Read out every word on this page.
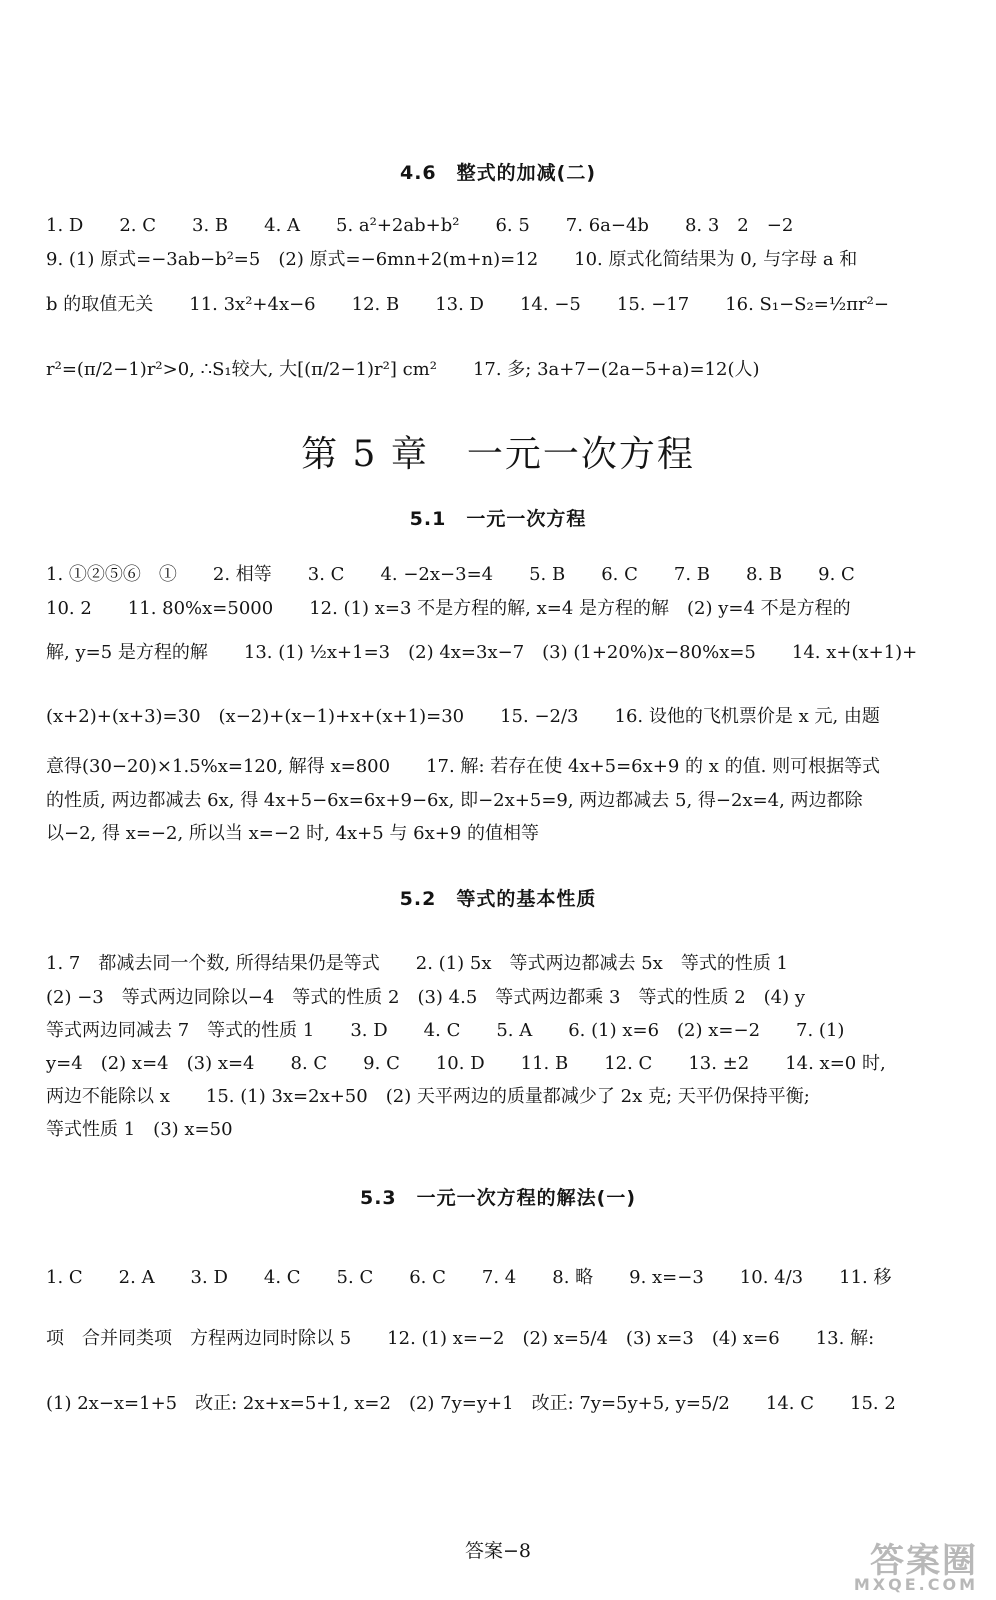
4.6　整式的加减(二)
1. D　　2. C　　3. B　　4. A　　5. a²+2ab+b²　　6. 5　　7. 6a−4b　　8. 3　2　−2
9. (1) 原式=−3ab−b²=5　(2) 原式=−6mn+2(m+n)=12　　10. 原式化简结果为 0, 与字母 a 和
b 的取值无关　　11. 3x²+4x−6　　12. B　　13. D　　14. −5　　15. −17　　16. S₁−S₂=½πr²−
r²=(π/2−1)r²>0, ∴S₁较大, 大[(π/2−1)r²] cm²　　17. 多; 3a+7−(2a−5+a)=12(人)
第 5 章　一元一次方程
5.1　一元一次方程
1. ①②⑤⑥　①　　2. 相等　　3. C　　4. −2x−3=4　　5. B　　6. C　　7. B　　8. B　　9. C
10. 2　　11. 80%x=5000　　12. (1) x=3 不是方程的解, x=4 是方程的解　(2) y=4 不是方程的
解, y=5 是方程的解　　13. (1) ½x+1=3　(2) 4x=3x−7　(3) (1+20%)x−80%x=5　　14. x+(x+1)+
(x+2)+(x+3)=30　(x−2)+(x−1)+x+(x+1)=30　　15. −2/3　　16. 设他的飞机票价是 x 元, 由题
意得(30−20)×1.5%x=120, 解得 x=800　　17. 解: 若存在使 4x+5=6x+9 的 x 的值. 则可根据等式
的性质, 两边都减去 6x, 得 4x+5−6x=6x+9−6x, 即−2x+5=9, 两边都减去 5, 得−2x=4, 两边都除
以−2, 得 x=−2, 所以当 x=−2 时, 4x+5 与 6x+9 的值相等
5.2　等式的基本性质
1. 7　都减去同一个数, 所得结果仍是等式　　2. (1) 5x　等式两边都减去 5x　等式的性质 1
(2) −3　等式两边同除以−4　等式的性质 2　(3) 4.5　等式两边都乘 3　等式的性质 2　(4) y
等式两边同减去 7　等式的性质 1　　3. D　　4. C　　5. A　　6. (1) x=6　(2) x=−2　　7. (1)
y=4　(2) x=4　(3) x=4　　8. C　　9. C　　10. D　　11. B　　12. C　　13. ±2　　14. x=0 时,
两边不能除以 x　　15. (1) 3x=2x+50　(2) 天平两边的质量都减少了 2x 克; 天平仍保持平衡;
等式性质 1　(3) x=50
5.3　一元一次方程的解法(一)
1. C　　2. A　　3. D　　4. C　　5. C　　6. C　　7. 4　　8. 略　　9. x=−3　　10. 4/3　　11. 移
项　合并同类项　方程两边同时除以 5　　12. (1) x=−2　(2) x=5/4　(3) x=3　(4) x=6　　13. 解:
(1) 2x−x=1+5　改正: 2x+x=5+1, x=2　(2) 7y=y+1　改正: 7y=5y+5, y=5/2　　14. C　　15. 2
答案−8	答案圈
MXQE.COM
